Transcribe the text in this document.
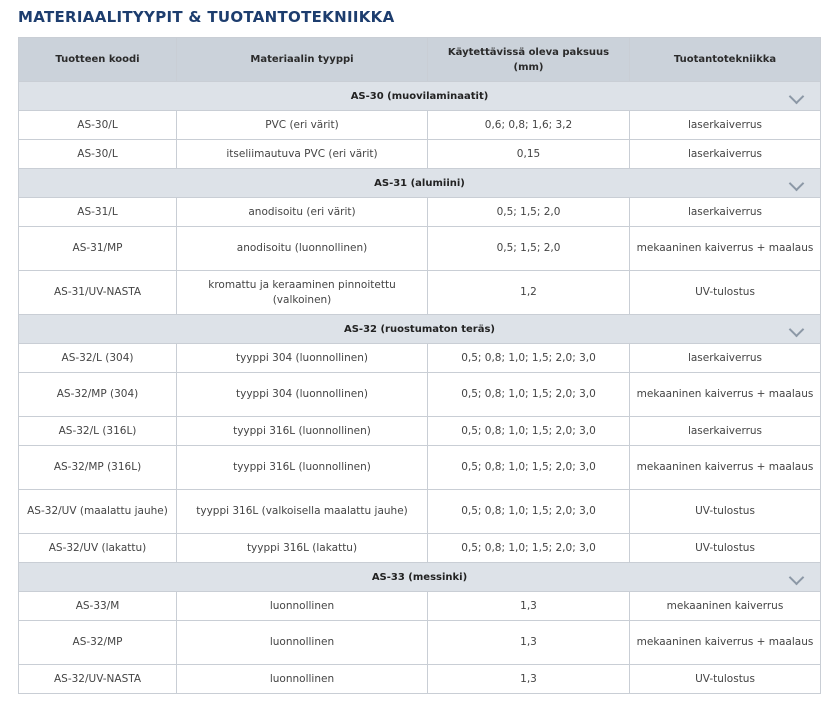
MATERIAALITYYPIT & TUOTANTOTEKNIIKKA
Tuotteen koodi	Materiaalin tyyppi	Käytettävissä oleva paksuus (mm)	Tuotantotekniikka
AS-30 (muovilaminaatit)			

AS-30/L	PVC (eri värit)	0,6; 0,8; 1,6; 3,2	laserkaiverrus
AS-30/L	itseliimautuva PVC (eri värit)	0,15	laserkaiverrus
AS-31 (alumiini)			

AS-31/L	anodisoitu (eri värit)	0,5; 1,5; 2,0	laserkaiverrus
AS-31/MP	anodisoitu (luonnollinen)	0,5; 1,5; 2,0	mekaaninen kaiverrus + maalaus
AS-31/UV-NASTA	kromattu ja keraaminen pinnoitettu (valkoinen)	1,2	UV-tulostus
AS-32 (ruostumaton teräs)			

AS-32/L (304)	tyyppi 304 (luonnollinen)	0,5; 0,8; 1,0; 1,5; 2,0; 3,0	laserkaiverrus
AS-32/MP (304)	tyyppi 304 (luonnollinen)	0,5; 0,8; 1,0; 1,5; 2,0; 3,0	mekaaninen kaiverrus + maalaus
AS-32/L (316L)	tyyppi 316L (luonnollinen)	0,5; 0,8; 1,0; 1,5; 2,0; 3,0	laserkaiverrus
AS-32/MP (316L)	tyyppi 316L (luonnollinen)	0,5; 0,8; 1,0; 1,5; 2,0; 3,0	mekaaninen kaiverrus + maalaus
AS-32/UV (maalattu jauhe)	tyyppi 316L (valkoisella maalattu jauhe)	0,5; 0,8; 1,0; 1,5; 2,0; 3,0	UV-tulostus
AS-32/UV (lakattu)	tyyppi 316L (lakattu)	0,5; 0,8; 1,0; 1,5; 2,0; 3,0	UV-tulostus
AS-33 (messinki)			

AS-33/M	luonnollinen	1,3	mekaaninen kaiverrus
AS-32/MP	luonnollinen	1,3	mekaaninen kaiverrus + maalaus
AS-32/UV-NASTA	luonnollinen	1,3	UV-tulostus
